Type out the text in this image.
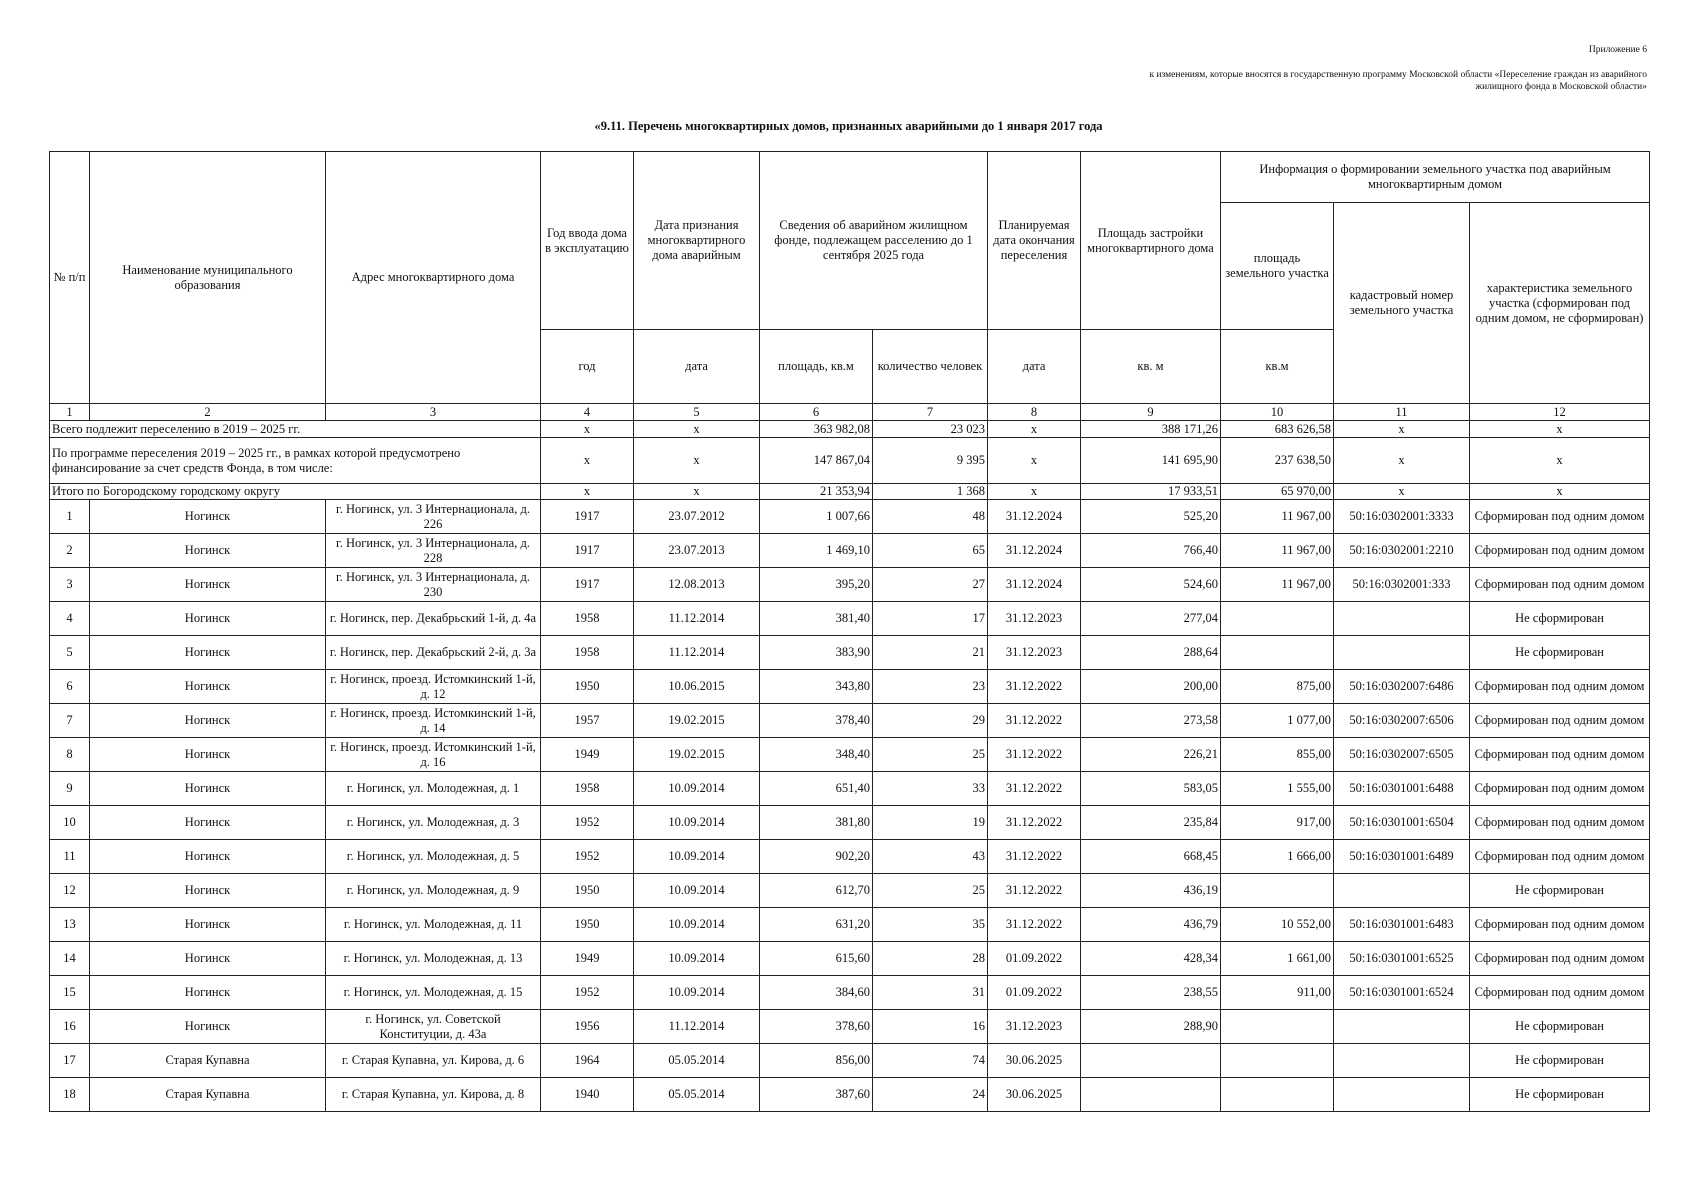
Приложение 6
к изменениям, которые вносятся в государственную программу Московской области «Переселение граждан из аварийного жилищного фонда в Московской области»
«9.11. Перечень многоквартирных домов, признанных аварийными до 1 января 2017 года
№ п/п	Наименование муниципального образования	Адрес многоквартирного дома	Год ввода дома в эксплуатацию	Дата признания многоквартирного дома аварийным	Сведения об аварийном жилищном фонде, подлежащем расселению до 1 сентября 2025 года		Планируемая дата окончания переселения	Площадь застройки многоквартирного дома	Информация о формировании земельного участка под аварийным многоквартирным домом		
									площадь земельного участка	кадастровый номер земельного участка	характеристика земельного участка (сформирован под одним домом, не сформирован)
			год	дата	площадь, кв.м	количество человек	дата	кв. м	кв.м		
1	2	3	4	5	6	7	8	9	10	11	12
Всего подлежит переселению в 2019 – 2025 гг.			x	x	363 982,08	23 023	x	388 171,26	683 626,58	x	x
По программе переселения 2019 – 2025 гг., в рамках которой предусмотрено финансирование за счет средств Фонда, в том числе:			x	x	147 867,04	9 395	x	141 695,90	237 638,50	x	x
Итого по Богородскому городскому округу			x	x	21 353,94	1 368	x	17 933,51	65 970,00	x	x
1	Ногинск	г. Ногинск, ул. 3 Интернационала, д. 226	1917	23.07.2012	1 007,66	48	31.12.2024	525,20	11 967,00	50:16:0302001:3333	Сформирован под одним домом
2	Ногинск	г. Ногинск, ул. 3 Интернационала, д. 228	1917	23.07.2013	1 469,10	65	31.12.2024	766,40	11 967,00	50:16:0302001:2210	Сформирован под одним домом
3	Ногинск	г. Ногинск, ул. 3 Интернационала, д. 230	1917	12.08.2013	395,20	27	31.12.2024	524,60	11 967,00	50:16:0302001:333	Сформирован под одним домом
4	Ногинск	г. Ногинск, пер. Декабрьский 1-й, д. 4а	1958	11.12.2014	381,40	17	31.12.2023	277,04			Не сформирован
5	Ногинск	г. Ногинск, пер. Декабрьский 2-й, д. 3а	1958	11.12.2014	383,90	21	31.12.2023	288,64			Не сформирован
6	Ногинск	г. Ногинск, проезд. Истомкинский 1-й, д. 12	1950	10.06.2015	343,80	23	31.12.2022	200,00	875,00	50:16:0302007:6486	Сформирован под одним домом
7	Ногинск	г. Ногинск, проезд. Истомкинский 1-й, д. 14	1957	19.02.2015	378,40	29	31.12.2022	273,58	1 077,00	50:16:0302007:6506	Сформирован под одним домом
8	Ногинск	г. Ногинск, проезд. Истомкинский 1-й, д. 16	1949	19.02.2015	348,40	25	31.12.2022	226,21	855,00	50:16:0302007:6505	Сформирован под одним домом
9	Ногинск	г. Ногинск, ул. Молодежная, д. 1	1958	10.09.2014	651,40	33	31.12.2022	583,05	1 555,00	50:16:0301001:6488	Сформирован под одним домом
10	Ногинск	г. Ногинск, ул. Молодежная, д. 3	1952	10.09.2014	381,80	19	31.12.2022	235,84	917,00	50:16:0301001:6504	Сформирован под одним домом
11	Ногинск	г. Ногинск, ул. Молодежная, д. 5	1952	10.09.2014	902,20	43	31.12.2022	668,45	1 666,00	50:16:0301001:6489	Сформирован под одним домом
12	Ногинск	г. Ногинск, ул. Молодежная, д. 9	1950	10.09.2014	612,70	25	31.12.2022	436,19			Не сформирован
13	Ногинск	г. Ногинск, ул. Молодежная, д. 11	1950	10.09.2014	631,20	35	31.12.2022	436,79	10 552,00	50:16:0301001:6483	Сформирован под одним домом
14	Ногинск	г. Ногинск, ул. Молодежная, д. 13	1949	10.09.2014	615,60	28	01.09.2022	428,34	1 661,00	50:16:0301001:6525	Сформирован под одним домом
15	Ногинск	г. Ногинск, ул. Молодежная, д. 15	1952	10.09.2014	384,60	31	01.09.2022	238,55	911,00	50:16:0301001:6524	Сформирован под одним домом
16	Ногинск	г. Ногинск, ул. Советской Конституции, д. 43а	1956	11.12.2014	378,60	16	31.12.2023	288,90			Не сформирован
17	Старая Купавна	г. Старая Купавна, ул. Кирова, д. 6	1964	05.05.2014	856,00	74	30.06.2025				Не сформирован
18	Старая Купавна	г. Старая Купавна, ул. Кирова, д. 8	1940	05.05.2014	387,60	24	30.06.2025				Не сформирован
